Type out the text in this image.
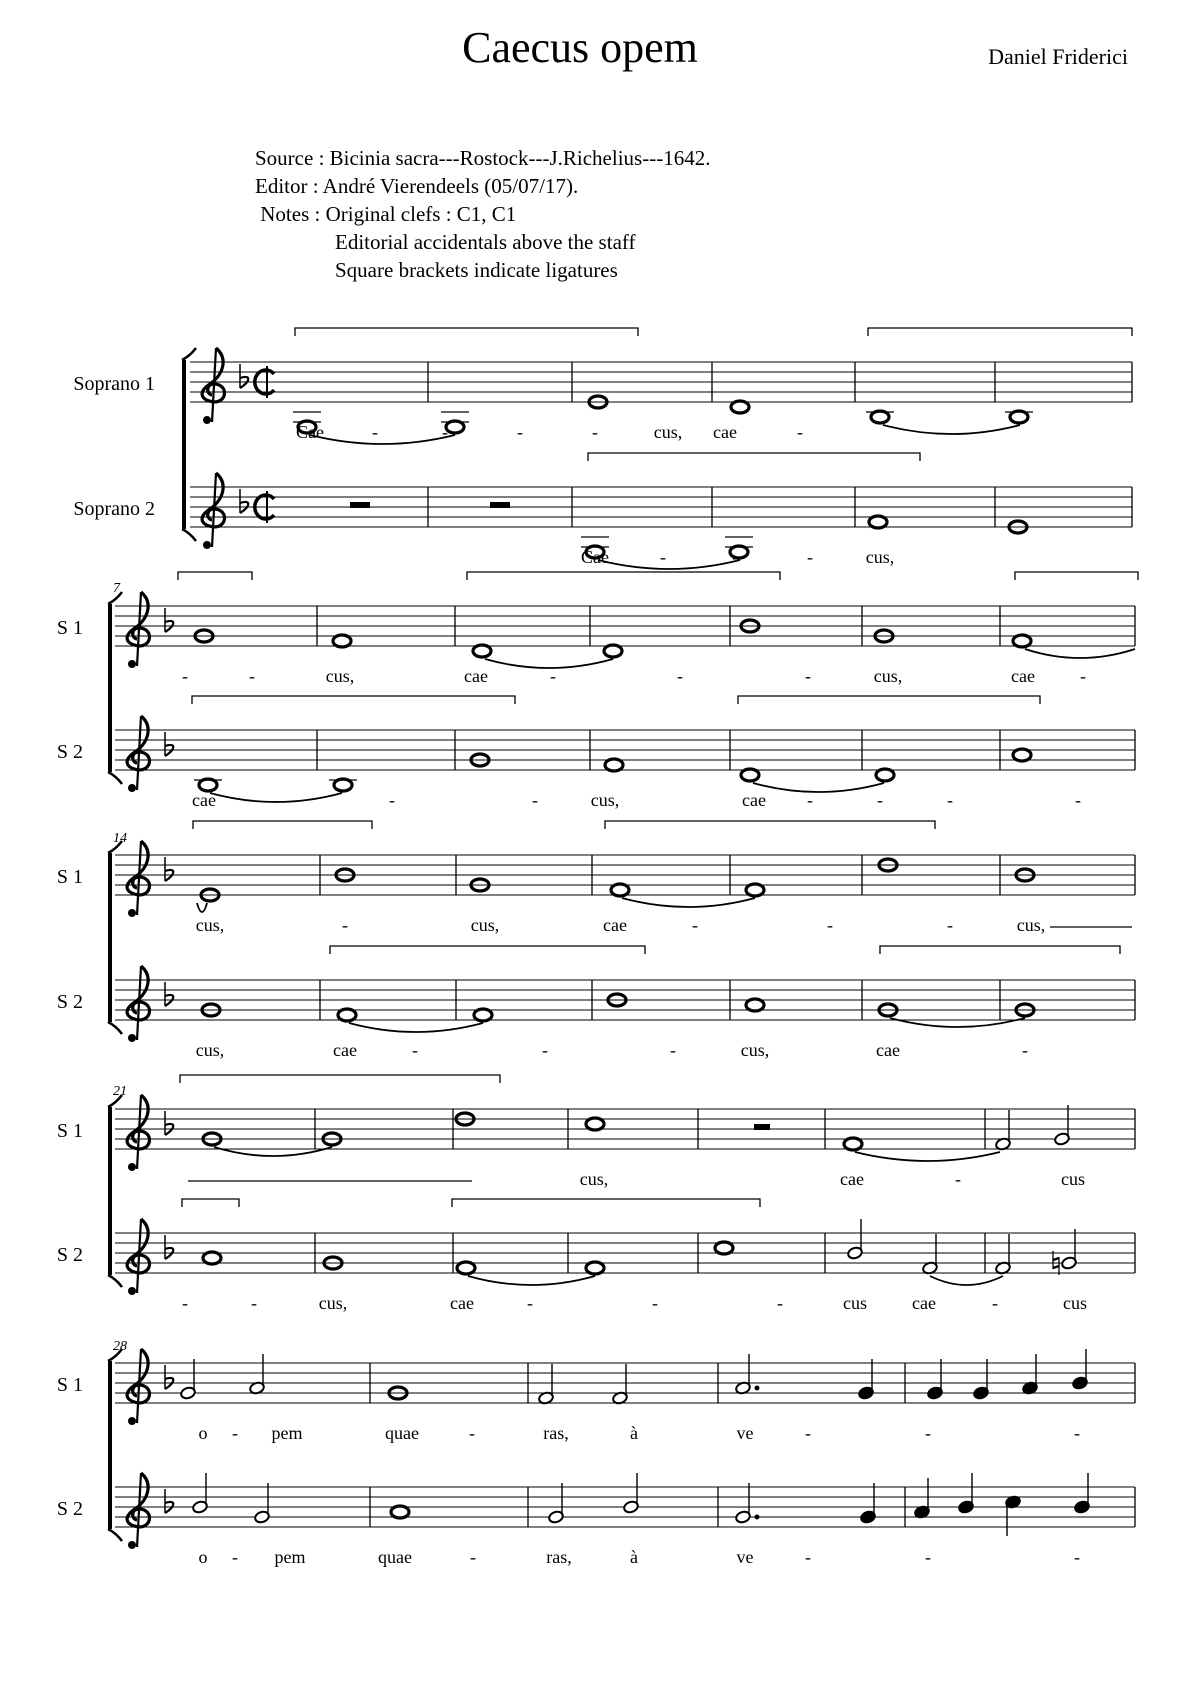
Caecus opem	Daniel Friderici
Source : Bicinia sacra---Rostock---J.Richelius---1642.
Editor : André Vierendeels (05/07/17).
Notes : Original clefs : C1, C1
Editorial accidentals above the staff
Square brackets indicate ligatures
Soprano 1
Cae	-	-	-	-	cus, cae	-
Soprano 2
Cae	-	-	-	cus,
7
S 1
-	-	cus,	cae	-	-	-	cus,	cae	-
S 2
cae	-	-	-	cus,	cae -	-	-	-
14
S 1
cus,	-	cus,	cae	-	-	-	cus,
S 2
cus,	cae	-	-	-	cus,	cae	-
21
S 1
cus,	cae	-	cus
S 2
-	-	cus,	cae	-	-	-	cus	cae	-	cus
28
S 1
o - pem	quae	-	ras,	à	ve	-	-	-
S 2
o - pem	quae	-	ras,	à	ve	-	-	-
